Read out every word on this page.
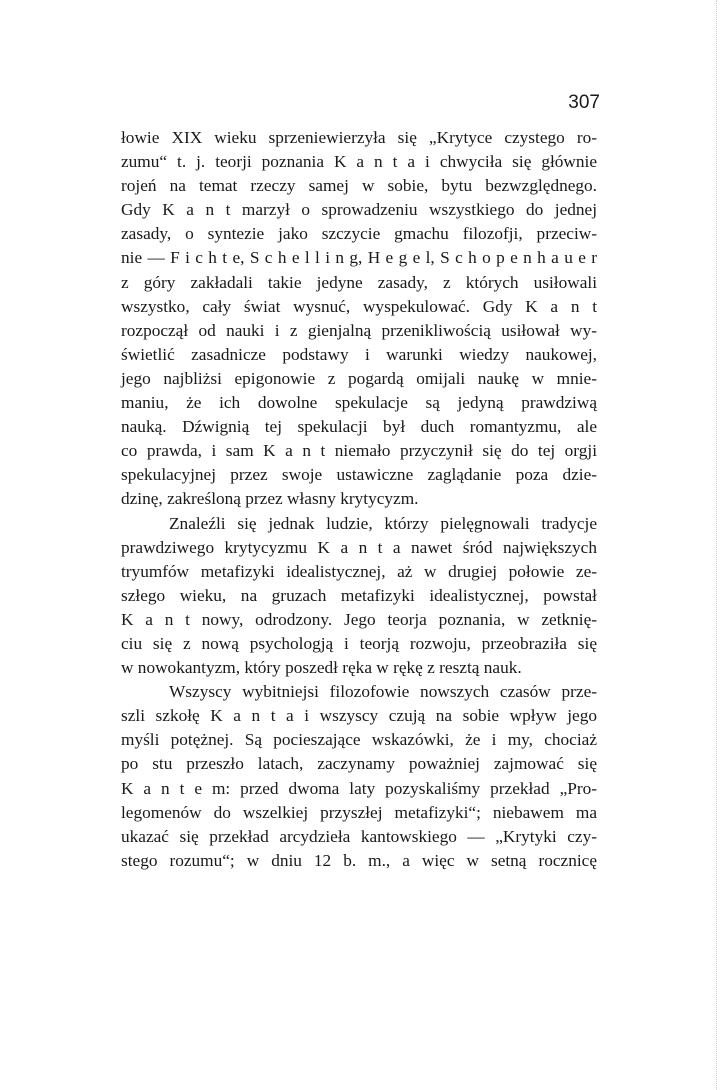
307
łowie XIX wieku sprzeniewierzyła się „Krytyce czystego ro-
zumu“ t. j. teorji poznania K a n t a i chwyciła się głównie
rojeń na temat rzeczy samej w sobie, bytu bezwzględnego.
Gdy K a n t marzył o sprowadzeniu wszystkiego do jednej
zasady, o syntezie jako szczycie gmachu filozofji, przeciw-
nie — F i c h t e, S c h e l l i n g, H e g e l, S c h o p e n h a u e r
z góry zakładali takie jedyne zasady, z których usiłowali
wszystko, cały świat wysnuć, wyspekulować. Gdy K a n t
rozpoczął od nauki i z gienjalną przenikliwością usiłował wy-
świetlić zasadnicze podstawy i warunki wiedzy naukowej,
jego najbliżsi epigonowie z pogardą omijali naukę w mnie-
maniu, że ich dowolne spekulacje są jedyną prawdziwą
nauką. Dźwignią tej spekulacji był duch romantyzmu, ale
co prawda, i sam K a n t niemało przyczynił się do tej orgji
spekulacyjnej przez swoje ustawiczne zaglądanie poza dzie-
dzinę, zakreśloną przez własny krytycyzm.
Znaleźli się jednak ludzie, którzy pielęgnowali tradycje
prawdziwego krytycyzmu K a n t a nawet śród największych
tryumfów metafizyki idealistycznej, aż w drugiej połowie ze-
szłego wieku, na gruzach metafizyki idealistycznej, powstał
K a n t nowy, odrodzony. Jego teorja poznania, w zetknię-
ciu się z nową psychologją i teorją rozwoju, przeobraziła się
w nowokantyzm, który poszedł ręka w rękę z resztą nauk.
Wszyscy wybitniejsi filozofowie nowszych czasów prze-
szli szkołę K a n t a i wszyscy czują na sobie wpływ jego
myśli potężnej. Są pocieszające wskazówki, że i my, chociaż
po stu przeszło latach, zaczynamy poważniej zajmować się
K a n t e m: przed dwoma laty pozyskaliśmy przekład „Pro-
legomenów do wszelkiej przyszłej metafizyki“; niebawem ma
ukazać się przekład arcydzieła kantowskiego — „Krytyki czy-
stego rozumu“; w dniu 12 b. m., a więc w setną rocznicę
